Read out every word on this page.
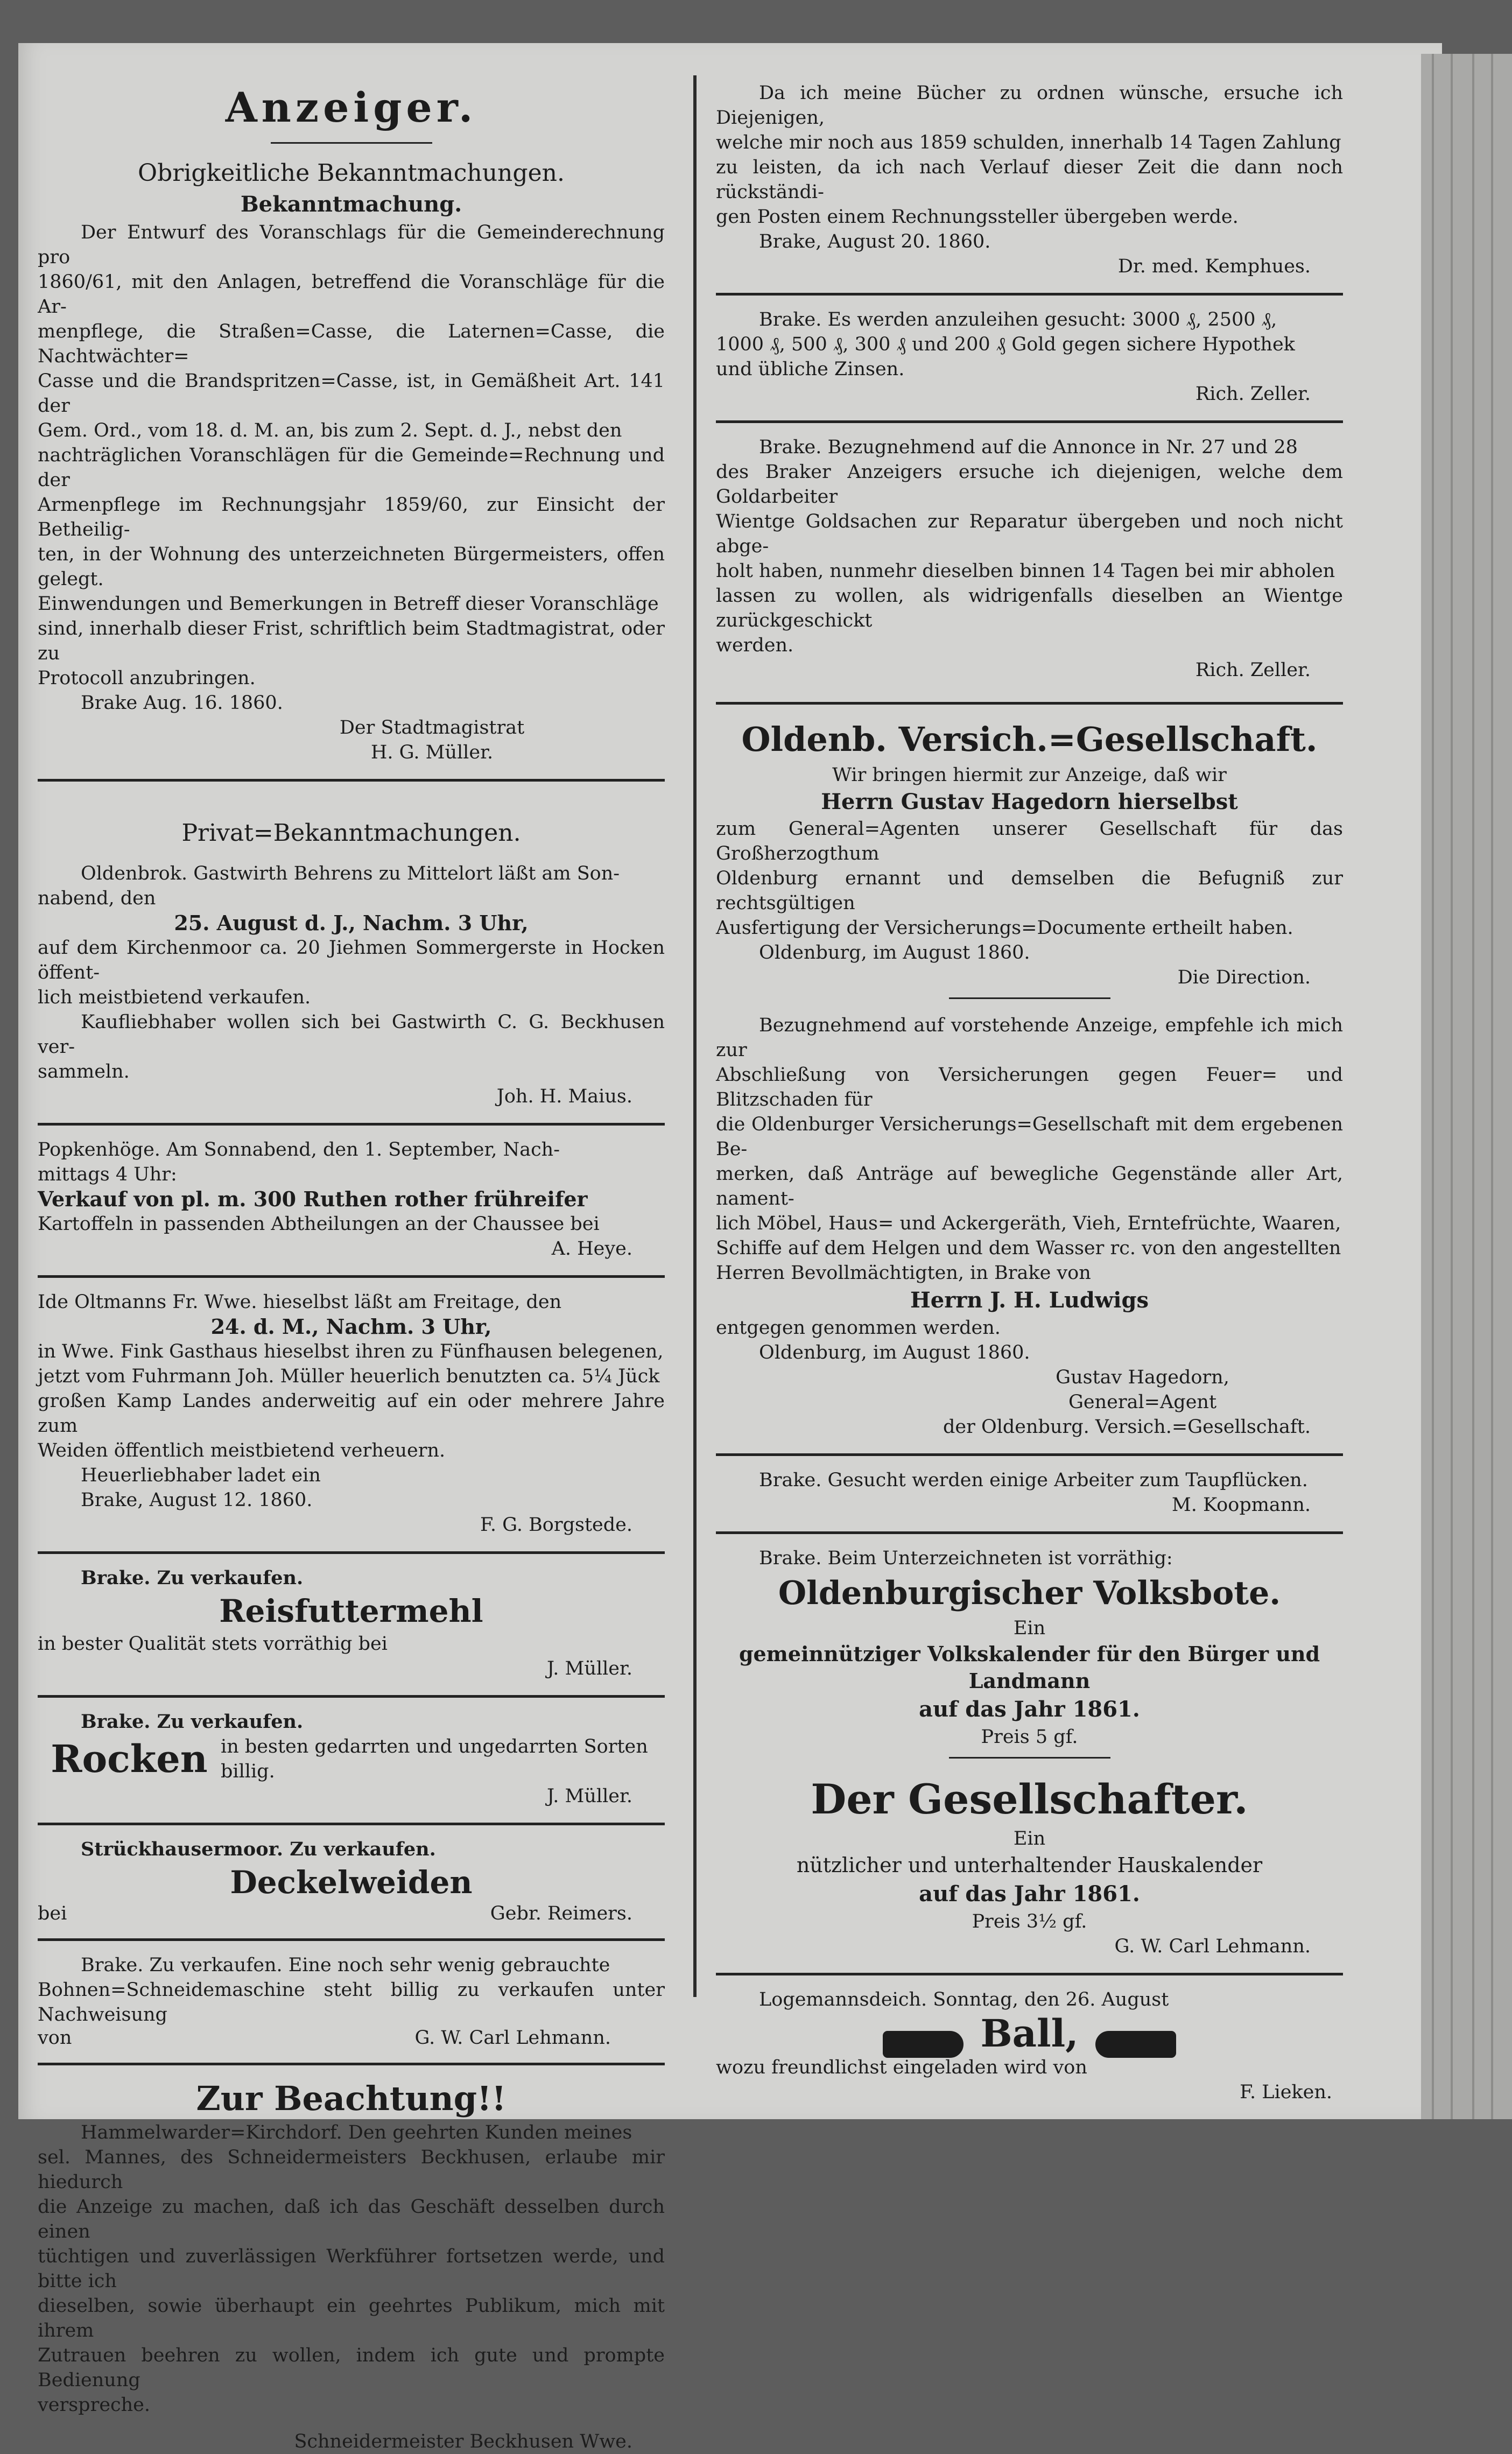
Anzeiger.

Obrigkeitliche Bekanntmachungen.

Bekanntmachung.

Der Entwurf des Voranschlags für die Gemeinderechnung pro

1860/61, mit den Anlagen, betreffend die Voranschläge für die Ar-

menpflege, die Straßen=Casse, die Laternen=Casse, die Nachtwächter=

Casse und die Brandspritzen=Casse, ist, in Gemäßheit Art. 141 der

Gem. Ord., vom 18. d. M. an, bis zum 2. Sept. d. J., nebst den

nachträglichen Voranschlägen für die Gemeinde=Rechnung und der

Armenpflege im Rechnungsjahr 1859/60, zur Einsicht der Betheilig-

ten, in der Wohnung des unterzeichneten Bürgermeisters, offen gelegt.

Einwendungen und Bemerkungen in Betreff dieser Voranschläge

sind, innerhalb dieser Frist, schriftlich beim Stadtmagistrat, oder zu

Protocoll anzubringen.

Brake Aug. 16. 1860.

Der Stadtmagistrat

H. G. Müller.

Privat=Bekanntmachungen.

Oldenbrok. Gastwirth Behrens zu Mittelort läßt am Son-

nabend, den

25. August d. J., Nachm. 3 Uhr,

auf dem Kirchenmoor ca. 20 Jiehmen Sommergerste in Hocken öffent-

lich meistbietend verkaufen.

Kaufliebhaber wollen sich bei Gastwirth C. G. Beckhusen ver-

sammeln.

Joh. H. Maius.

Popkenhöge. Am Sonnabend, den 1. September, Nach-

mittags 4 Uhr:

Verkauf von pl. m. 300 Ruthen rother frühreifer

Kartoffeln in passenden Abtheilungen an der Chaussee bei

A. Heye.

Ide Oltmanns Fr. Wwe. hieselbst läßt am Freitage, den

24. d. M., Nachm. 3 Uhr,

in Wwe. Fink Gasthaus hieselbst ihren zu Fünfhausen belegenen,

jetzt vom Fuhrmann Joh. Müller heuerlich benutzten ca. 5¼ Jück

großen Kamp Landes anderweitig auf ein oder mehrere Jahre zum

Weiden öffentlich meistbietend verheuern.

Heuerliebhaber ladet ein

Brake, August 12. 1860.

F. G. Borgstede.

Brake. Zu verkaufen.

Reisfuttermehl

in bester Qualität stets vorräthig bei

J. Müller.

Brake. Zu verkaufen.

Rocken in besten gedarrten und ungedarrten Sorten billig.

J. Müller.

Strückhausermoor. Zu verkaufen.

Deckelweiden

bei	Gebr. Reimers.

Brake. Zu verkaufen. Eine noch sehr wenig gebrauchte

Bohnen=Schneidemaschine steht billig zu verkaufen unter Nachweisung

von	G. W. Carl Lehmann.

Zur Beachtung!!

Hammelwarder=Kirchdorf. Den geehrten Kunden meines

sel. Mannes, des Schneidermeisters Beckhusen, erlaube mir hiedurch

die Anzeige zu machen, daß ich das Geschäft desselben durch einen

tüchtigen und zuverlässigen Werkführer fortsetzen werde, und bitte ich

dieselben, sowie überhaupt ein geehrtes Publikum, mich mit ihrem

Zutrauen beehren zu wollen, indem ich gute und prompte Bedienung

verspreche.

Schneidermeister Beckhusen Wwe.

Da ich meine Bücher zu ordnen wünsche, ersuche ich Diejenigen,

welche mir noch aus 1859 schulden, innerhalb 14 Tagen Zahlung

zu leisten, da ich nach Verlauf dieser Zeit die dann noch rückständi-

gen Posten einem Rechnungssteller übergeben werde.

Brake, August 20. 1860.

Dr. med. Kemphues.

Brake. Es werden anzuleihen gesucht: 3000 ₰, 2500 ₰,

1000 ₰, 500 ₰, 300 ₰ und 200 ₰ Gold gegen sichere Hypothek

und übliche Zinsen.

Rich. Zeller.

Brake. Bezugnehmend auf die Annonce in Nr. 27 und 28

des Braker Anzeigers ersuche ich diejenigen, welche dem Goldarbeiter

Wientge Goldsachen zur Reparatur übergeben und noch nicht abge-

holt haben, nunmehr dieselben binnen 14 Tagen bei mir abholen

lassen zu wollen, als widrigenfalls dieselben an Wientge zurückgeschickt

werden.

Rich. Zeller.

Oldenb. Versich.=Gesellschaft.

Wir bringen hiermit zur Anzeige, daß wir

Herrn Gustav Hagedorn hierselbst

zum General=Agenten unserer Gesellschaft für das Großherzogthum

Oldenburg ernannt und demselben die Befugniß zur rechtsgültigen

Ausfertigung der Versicherungs=Documente ertheilt haben.

Oldenburg, im August 1860.

Die Direction.

Bezugnehmend auf vorstehende Anzeige, empfehle ich mich zur

Abschließung von Versicherungen gegen Feuer= und Blitzschaden für

die Oldenburger Versicherungs=Gesellschaft mit dem ergebenen Be-

merken, daß Anträge auf bewegliche Gegenstände aller Art, nament-

lich Möbel, Haus= und Ackergeräth, Vieh, Erntefrüchte, Waaren,

Schiffe auf dem Helgen und dem Wasser rc. von den angestellten

Herren Bevollmächtigten, in Brake von

Herrn J. H. Ludwigs

entgegen genommen werden.

Oldenburg, im August 1860.

Gustav Hagedorn,

General=Agent

der Oldenburg. Versich.=Gesellschaft.

Brake. Gesucht werden einige Arbeiter zum Taupflücken.

M. Koopmann.

Brake. Beim Unterzeichneten ist vorräthig:

Oldenburgischer Volksbote.

Ein

gemeinnütziger Volkskalender für den Bürger und

Landmann

auf das Jahr 1861.

Preis 5 gf.

Der Gesellschafter.

Ein

nützlicher und unterhaltender Hauskalender

auf das Jahr 1861.

Preis 3½ gf.

G. W. Carl Lehmann.

Logemannsdeich. Sonntag, den 26. August

Ball,

wozu freundlichst eingeladen wird von

F. Lieken.
